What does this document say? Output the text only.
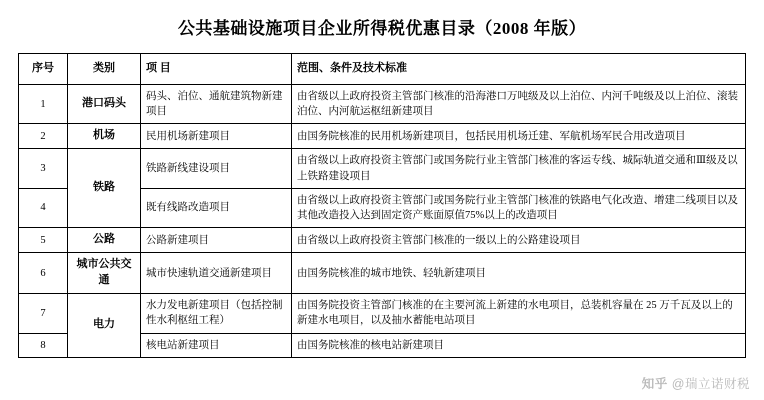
公共基础设施项目企业所得税优惠目录（2008 年版）
序号	类别	项 目	范围、条件及技术标准
1	港口码头	码头、泊位、通航建筑物新建项目	由省级以上政府投资主管部门核准的沿海港口万吨级及以上泊位、内河千吨级及以上泊位、滚装泊位、内河航运枢纽新建项目
2	机场	民用机场新建项目	由国务院核准的民用机场新建项目，包括民用机场迁建、军航机场军民合用改造项目
3	铁路	铁路新线建设项目	由省级以上政府投资主管部门或国务院行业主管部门核准的客运专线、城际轨道交通和Ⅲ级及以上铁路建设项目
4		既有线路改造项目	由省级以上政府投资主管部门或国务院行业主管部门核准的铁路电气化改造、增建二线项目以及其他改造投入达到固定资产账面原值75%以上的改造项目
5	公路	公路新建项目	由省级以上政府投资主管部门核准的一级以上的公路建设项目
6	城市公共交通	城市快速轨道交通新建项目	由国务院核准的城市地铁、轻轨新建项目
7	电力	水力发电新建项目（包括控制性水利枢纽工程）	由国务院投资主管部门核准的在主要河流上新建的水电项目，总装机容量在 25 万千瓦及以上的新建水电项目，以及抽水蓄能电站项目
8		核电站新建项目	由国务院核准的核电站新建项目
知乎 @瑞立诺财税
